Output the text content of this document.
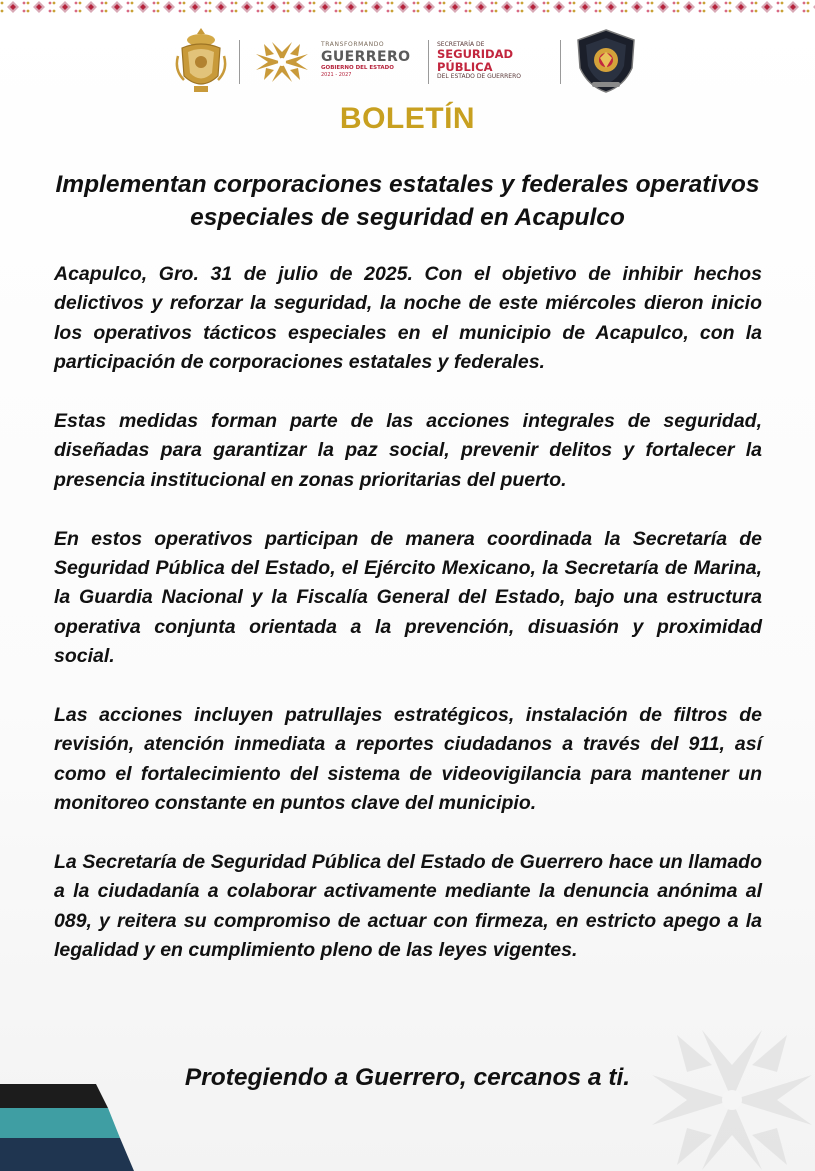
TRANSFORMANDO
GUERRERO
GOBIERNO DEL ESTADO
2021 - 2027
SECRETARÍA DE
SEGURIDAD
PÚBLICA
DEL ESTADO DE GUERRERO
BOLETÍN
Implementan corporaciones estatales y federales operativos especiales de seguridad en Acapulco

Acapulco, Gro. 31 de julio de 2025. Con el objetivo de inhibir hechos delictivos y reforzar la seguridad, la noche de este miércoles dieron inicio los operativos tácticos especiales en el municipio de Acapulco, con la participación de corporaciones estatales y federales.

Estas medidas forman parte de las acciones integrales de seguridad, diseñadas para garantizar la paz social, prevenir delitos y fortalecer la presencia institucional en zonas prioritarias del puerto.

En estos operativos participan de manera coordinada la Secretaría de Seguridad Pública del Estado, el Ejército Mexicano, la Secretaría de Marina, la Guardia Nacional y la Fiscalía General del Estado, bajo una estructura operativa conjunta orientada a la prevención, disuasión y proximidad social.

Las acciones incluyen patrullajes estratégicos, instalación de filtros de revisión, atención inmediata a reportes ciudadanos a través del 911, así como el fortalecimiento del sistema de videovigilancia para mantener un monitoreo constante en puntos clave del municipio.

La Secretaría de Seguridad Pública del Estado de Guerrero hace un llamado a la ciudadanía a colaborar activamente mediante la denuncia anónima al 089, y reitera su compromiso de actuar con firmeza, en estricto apego a la legalidad y en cumplimiento pleno de las leyes vigentes.

Protegiendo a Guerrero, cercanos a ti.
